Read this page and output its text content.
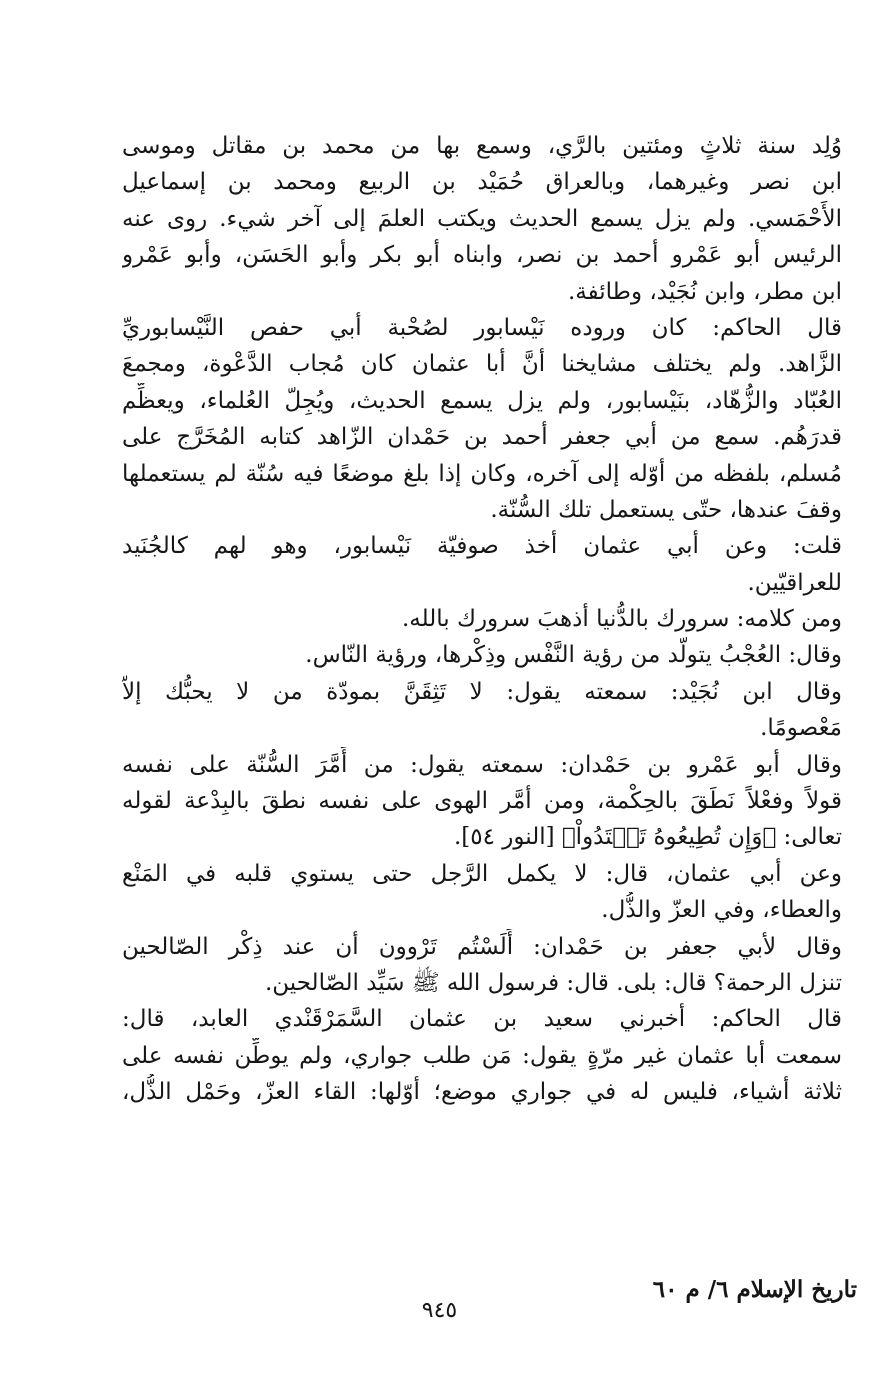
وُلِد سنة ثلاثٍ ومئتين بالرَّي، وسمع بها من محمد بن مقاتل وموسى
ابن نصر وغيرهما، وبالعراق حُمَيْد بن الربيع ومحمد بن إسماعيل
الأَحْمَسي. ولم يزل يسمع الحديث ويكتب العلمَ إلى آخر شيء. روى عنه
الرئيس أبو عَمْرو أحمد بن نصر، وابناه أبو بكر وأبو الحَسَن، وأبو عَمْرو
ابن مطر، وابن نُجَيْد، وطائفة.
قال الحاكم: كان وروده نَيْسابور لصُحْبة أبي حفص النَّيْسابوريِّ
الزَّاهد. ولم يختلف مشايخنا أنَّ أبا عثمان كان مُجاب الدَّعْوة، ومجمعَ
العُبّاد والزُّهّاد، بنَيْسابور، ولم يزل يسمع الحديث، ويُجِلّ العُلماء، ويعظِّم
قدرَهُم. سمع من أبي جعفر أحمد بن حَمْدان الزّاهد كتابه المُخَرَّج على
مُسلم، بلفظه من أوّله إلى آخره، وكان إذا بلغ موضعًا فيه سُنّة لم يستعملها
وقفَ عندها، حتّى يستعمل تلك السُّنّة.
قلت: وعن أبي عثمان أخذ صوفيّة نَيْسابور، وهو لهم كالجُنَيد
للعراقيّين.
ومن كلامه: سرورك بالدُّنيا أذهبَ سرورك بالله.
وقال: العُجْبُ يتولَّد من رؤية النَّفْس وذِكْرها، ورؤية النّاس.
وقال ابن نُجَيْد: سمعته يقول: لا تَثِقَنَّ بمودّة من لا يحبُّك إلاّ
مَعْصومًا.
وقال أبو عَمْرو بن حَمْدان: سمعته يقول: من أَمَّرَ السُّنّة على نفسه
قولاً وفعْلاً نَطَقَ بالحِكْمة، ومن أمَّر الهوى على نفسه نطقَ بالبِدْعة لقوله
تعالى: ﴿وَإِن تُطِيعُوهُ تَهۡتَدُواْ﴾ [النور ٥٤].
وعن أبي عثمان، قال: لا يكمل الرَّجل حتى يستوي قلبه في المَنْع
والعطاء، وفي العزّ والذُّل.
وقال لأبي جعفر بن حَمْدان: أَلَسْتُم تَرْوون أن عند ذِكْر الصّالحين
تنزل الرحمة؟ قال: بلى. قال: فرسول الله ﷺ سَيِّد الصّالحين.
قال الحاكم: أخبرني سعيد بن عثمان السَّمَرْقَنْدي العابد، قال:
سمعت أبا عثمان غير مرّةٍ يقول: مَن طلب جواري، ولم يوطِّن نفسه على
ثلاثة أشياء، فليس له في جواري موضع؛ أوّلها: القاء العزّ، وحَمْل الذُّل،
تاريخ الإسلام ٦/ م ٦٠
٩٤٥
